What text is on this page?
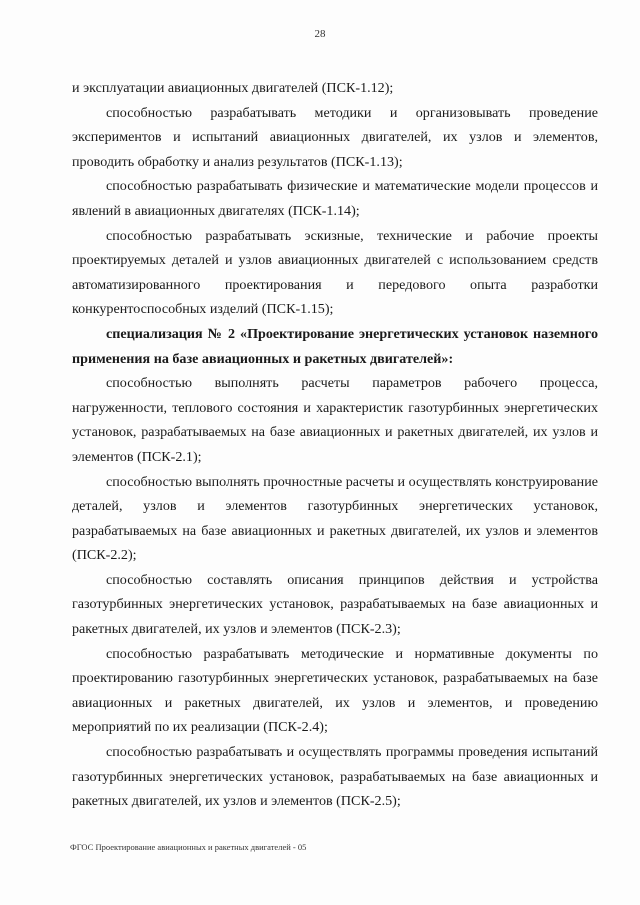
28

и эксплуатации авиационных двигателей (ПСК-1.12);

способностью разрабатывать методики и организовывать проведение экспериментов и испытаний авиационных двигателей, их узлов и элементов, проводить обработку и анализ результатов (ПСК-1.13);

способностью разрабатывать физические и математические модели процессов и явлений в авиационных двигателях (ПСК-1.14);

способностью разрабатывать эскизные, технические и рабочие проекты проектируемых деталей и узлов авиационных двигателей с использованием средств автоматизированного проектирования и передового опыта разработки конкурентоспособных изделий (ПСК-1.15);

специализация № 2 «Проектирование энергетических установок наземного применения на базе авиационных и ракетных двигателей»:

способностью выполнять расчеты параметров рабочего процесса, нагруженности, теплового состояния и характеристик газотурбинных энергетических установок, разрабатываемых на базе авиационных и ракетных двигателей, их узлов и элементов (ПСК-2.1);

способностью выполнять прочностные расчеты и осуществлять конструирование деталей, узлов и элементов газотурбинных энергетических установок, разрабатываемых на базе авиационных и ракетных двигателей, их узлов и элементов (ПСК-2.2);

способностью составлять описания принципов действия и устройства газотурбинных энергетических установок, разрабатываемых на базе авиационных и ракетных двигателей, их узлов и элементов (ПСК-2.3);

способностью разрабатывать методические и нормативные документы по проектированию газотурбинных энергетических установок, разрабатываемых на базе авиационных и ракетных двигателей, их узлов и элементов, и проведению мероприятий по их реализации (ПСК-2.4);

способностью разрабатывать и осуществлять программы проведения испытаний газотурбинных энергетических установок, разрабатываемых на базе авиационных и ракетных двигателей, их узлов и элементов (ПСК-2.5);

ФГОС Проектирование авиационных и ракетных двигателей - 05
